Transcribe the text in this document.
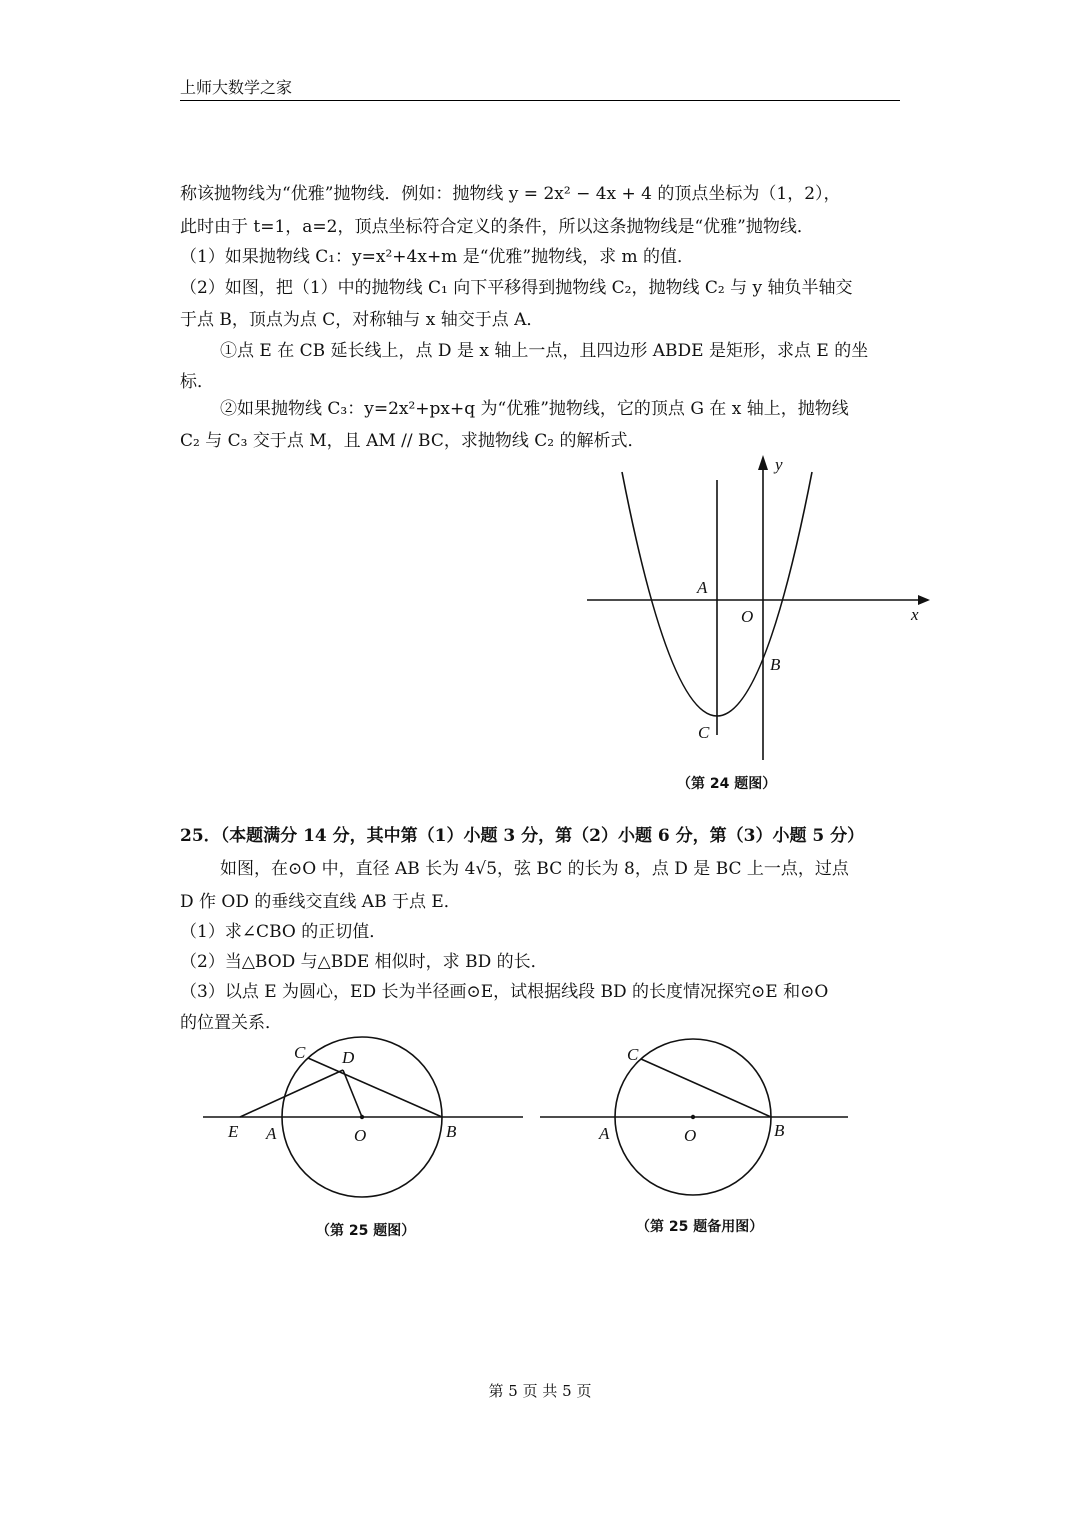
上师大数学之家
称该抛物线为“优雅”抛物线．例如：抛物线 y = 2x² − 4x + 4 的顶点坐标为（1，2），
此时由于 t=1，a=2，顶点坐标符合定义的条件，所以这条抛物线是“优雅”抛物线．
（1）如果抛物线 C₁：y=x²+4x+m 是“优雅”抛物线，求 m 的值．
（2）如图，把（1）中的抛物线 C₁ 向下平移得到抛物线 C₂，抛物线 C₂ 与 y 轴负半轴交
于点 B，顶点为点 C，对称轴与 x 轴交于点 A．
①点 E 在 CB 延长线上，点 D 是 x 轴上一点，且四边形 ABDE 是矩形，求点 E 的坐
标．
②如果抛物线 C₃：y=2x²+px+q 为“优雅”抛物线，它的顶点 G 在 x 轴上，抛物线
C₂ 与 C₃ 交于点 M，且 AM // BC，求抛物线 C₂ 的解析式．
y
x
A
O
B
C
（第 24 题图）
25．（本题满分 14 分，其中第（1）小题 3 分，第（2）小题 6 分，第（3）小题 5 分）
如图，在⊙O 中，直径 AB 长为 4√5，弦 BC 的长为 8，点 D 是 BC 上一点，过点
D 作 OD 的垂线交直线 AB 于点 E．
（1）求∠CBO 的正切值．
（2）当△BOD 与△BDE 相似时，求 BD 的长．
（3）以点 E 为圆心，ED 长为半径画⊙E，试根据线段 BD 的长度情况探究⊙E 和⊙O
的位置关系．
C D
E A	O	B
（第 25 题图）
C
A	O	B
（第 25 题备用图）
第 5 页 共 5 页
